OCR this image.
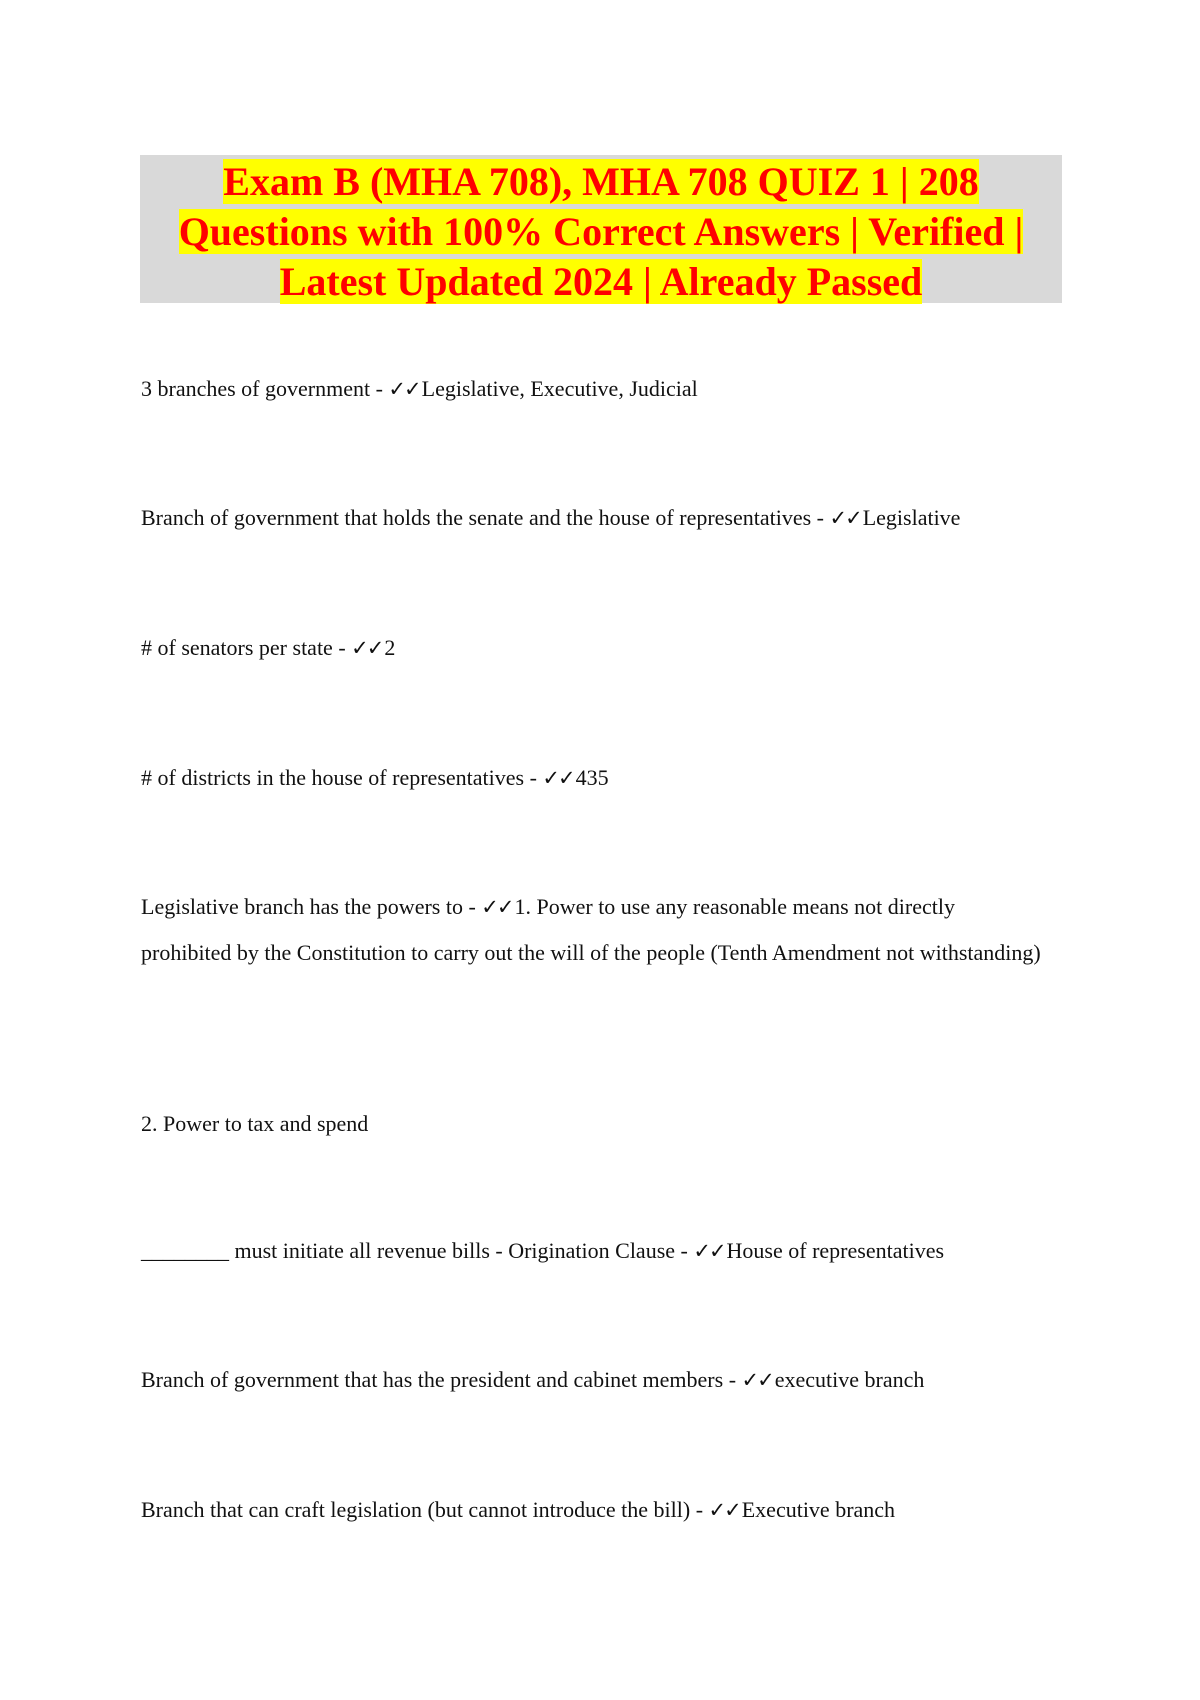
Exam B (MHA 708), MHA 708 QUIZ 1 | 208
Questions with 100% Correct Answers | Verified |
Latest Updated 2024 | Already Passed
3 branches of government - ✓✓Legislative, Executive, Judicial
Branch of government that holds the senate and the house of representatives - ✓✓Legislative
# of senators per state - ✓✓2
# of districts in the house of representatives - ✓✓435
Legislative branch has the powers to - ✓✓1. Power to use any reasonable means not directly prohibited by the Constitution to carry out the will of the people (Tenth Amendment not withstanding)
2. Power to tax and spend
________ must initiate all revenue bills - Origination Clause - ✓✓House of representatives
Branch of government that has the president and cabinet members - ✓✓executive branch
Branch that can craft legislation (but cannot introduce the bill) - ✓✓Executive branch
